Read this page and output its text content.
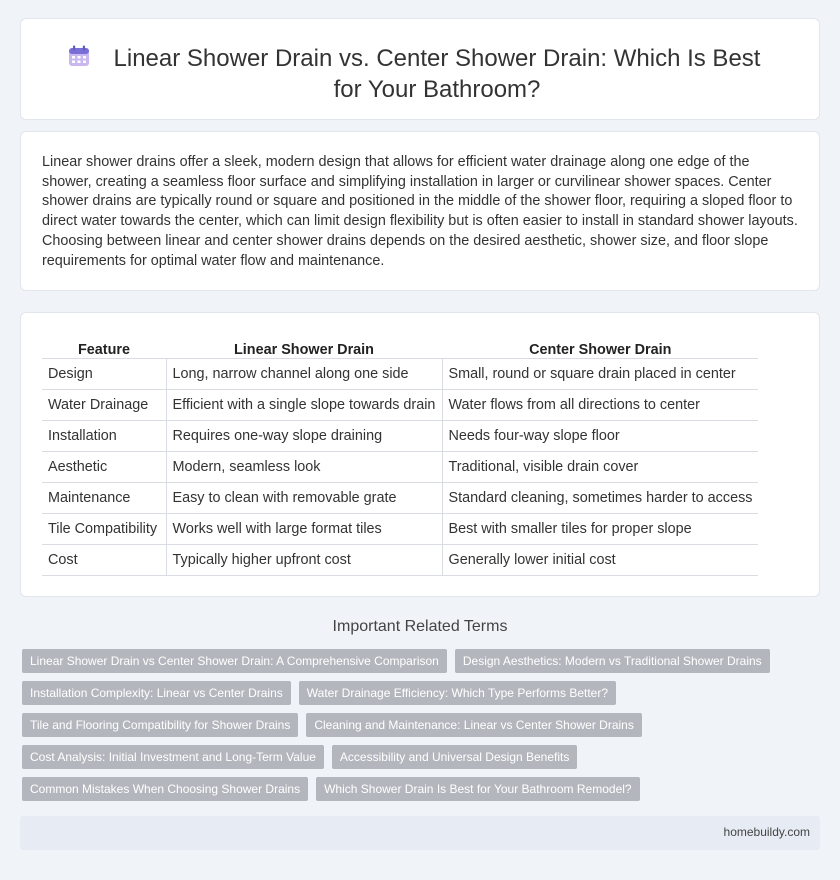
Linear Shower Drain vs. Center Shower Drain: Which Is Best for Your Bathroom?

Linear shower drains offer a sleek, modern design that allows for efficient water drainage along one edge of the shower, creating a seamless floor surface and simplifying installation in larger or curvilinear shower spaces. Center shower drains are typically round or square and positioned in the middle of the shower floor, requiring a sloped floor to direct water towards the center, which can limit design flexibility but is often easier to install in standard shower layouts. Choosing between linear and center shower drains depends on the desired aesthetic, shower size, and floor slope requirements for optimal water flow and maintenance.

Feature	Linear Shower Drain	Center Shower Drain
Design	Long, narrow channel along one side	Small, round or square drain placed in center
Water Drainage	Efficient with a single slope towards drain	Water flows from all directions to center
Installation	Requires one-way slope draining	Needs four-way slope floor
Aesthetic	Modern, seamless look	Traditional, visible drain cover
Maintenance	Easy to clean with removable grate	Standard cleaning, sometimes harder to access
Tile Compatibility	Works well with large format tiles	Best with smaller tiles for proper slope
Cost	Typically higher upfront cost	Generally lower initial cost
Important Related Terms
Linear Shower Drain vs Center Shower Drain: A Comprehensive Comparison	Design Aesthetics: Modern vs Traditional Shower Drains
Installation Complexity: Linear vs Center Drains	Water Drainage Efficiency: Which Type Performs Better?
Tile and Flooring Compatibility for Shower Drains	Cleaning and Maintenance: Linear vs Center Shower Drains
Cost Analysis: Initial Investment and Long-Term Value	Accessibility and Universal Design Benefits
Common Mistakes When Choosing Shower Drains	Which Shower Drain Is Best for Your Bathroom Remodel?
homebuildy.com
